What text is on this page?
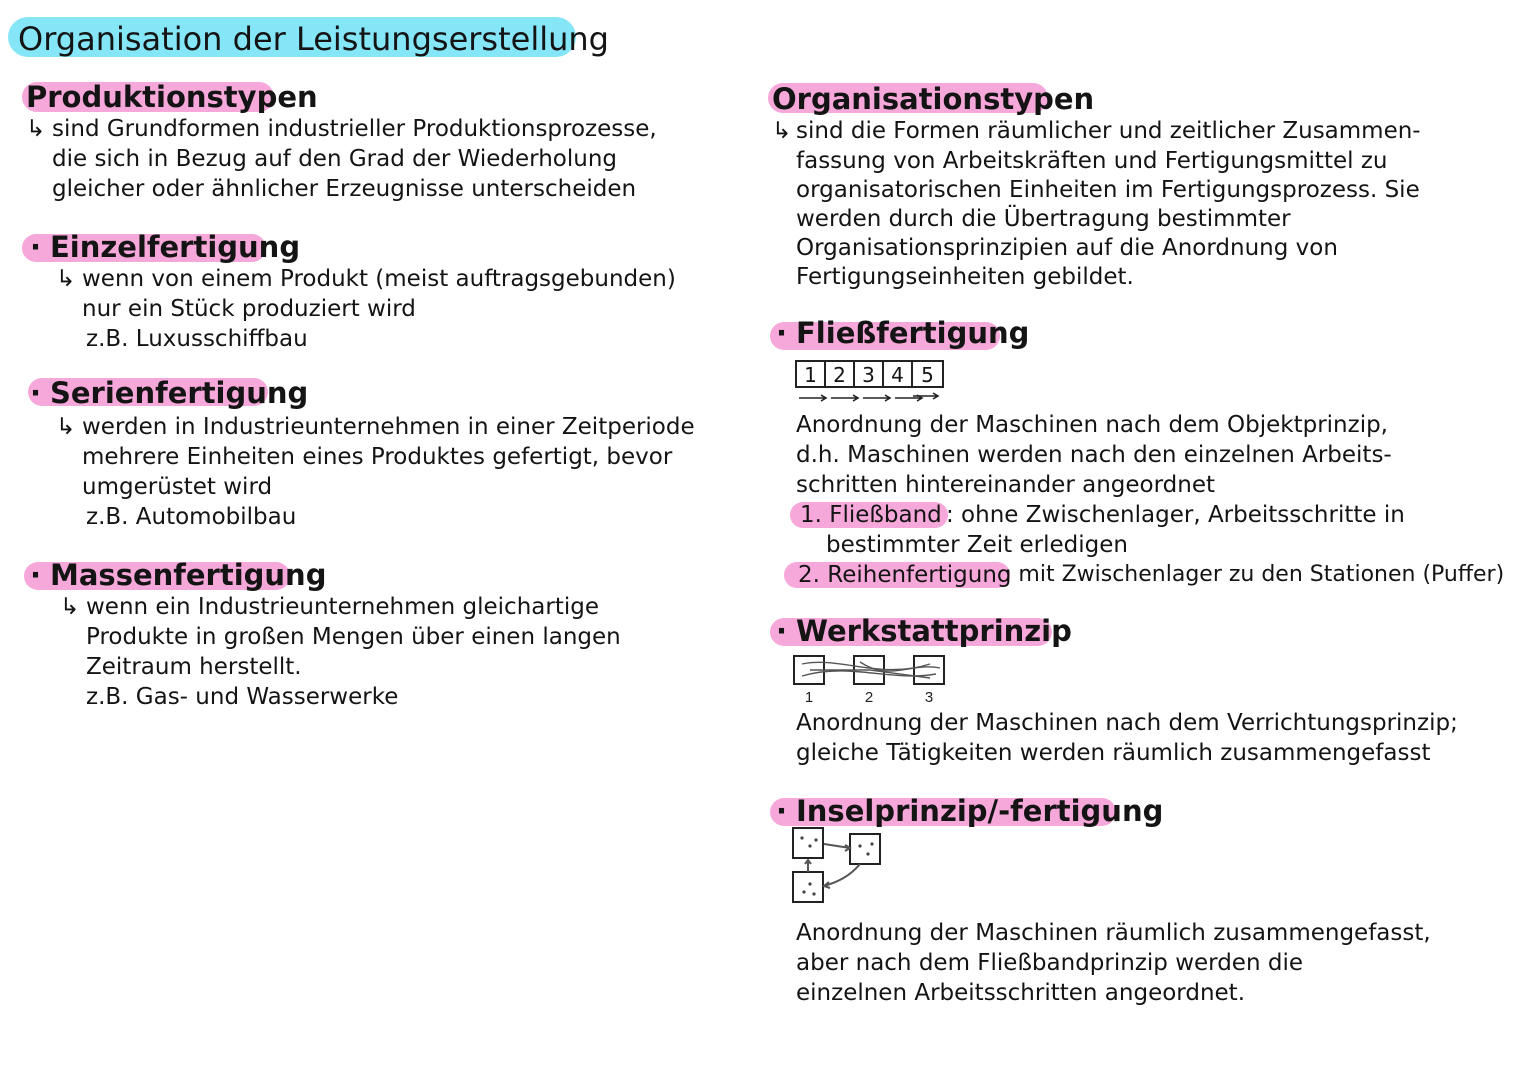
Organisation der Leistungserstellung
Produktionstypen
↳ sind Grundformen industrieller Produktionsprozesse,
die sich in Bezug auf den Grad der Wiederholung
gleicher oder ähnlicher Erzeugnisse unterscheiden
· Einzelfertigung
↳ wenn von einem Produkt (meist auftragsgebunden)
nur ein Stück produziert wird
z.B. Luxusschiffbau
· Serienfertigung
↳ werden in Industrieunternehmen in einer Zeitperiode
mehrere Einheiten eines Produktes gefertigt, bevor
umgerüstet wird
z.B. Automobilbau
· Massenfertigung
↳ wenn ein Industrieunternehmen gleichartige
Produkte in großen Mengen über einen langen
Zeitraum herstellt.
z.B. Gas- und Wasserwerke
Organisationstypen
↳ sind die Formen räumlicher und zeitlicher Zusammen-
fassung von Arbeitskräften und Fertigungsmittel zu
organisatorischen Einheiten im Fertigungsprozess. Sie
werden durch die Übertragung bestimmter
Organisationsprinzipien auf die Anordnung von
Fertigungseinheiten gebildet.
· Fließfertigung
1 2 3 4 5
Anordnung der Maschinen nach dem Objektprinzip,
d.h. Maschinen werden nach den einzelnen Arbeits-
schritten hintereinander angeordnet
1. Fließband : ohne Zwischenlager, Arbeitsschritte in
bestimmter Zeit erledigen
2. Reihenfertigung
: mit Zwischenlager zu den Stationen (Puffer)
· Werkstattprinzip
1	2	3
Anordnung der Maschinen nach dem Verrichtungsprinzip;
gleiche Tätigkeiten werden räumlich zusammengefasst
· Inselprinzip/-fertigung
Anordnung der Maschinen räumlich zusammengefasst,
aber nach dem Fließbandprinzip werden die
einzelnen Arbeitsschritten angeordnet.
